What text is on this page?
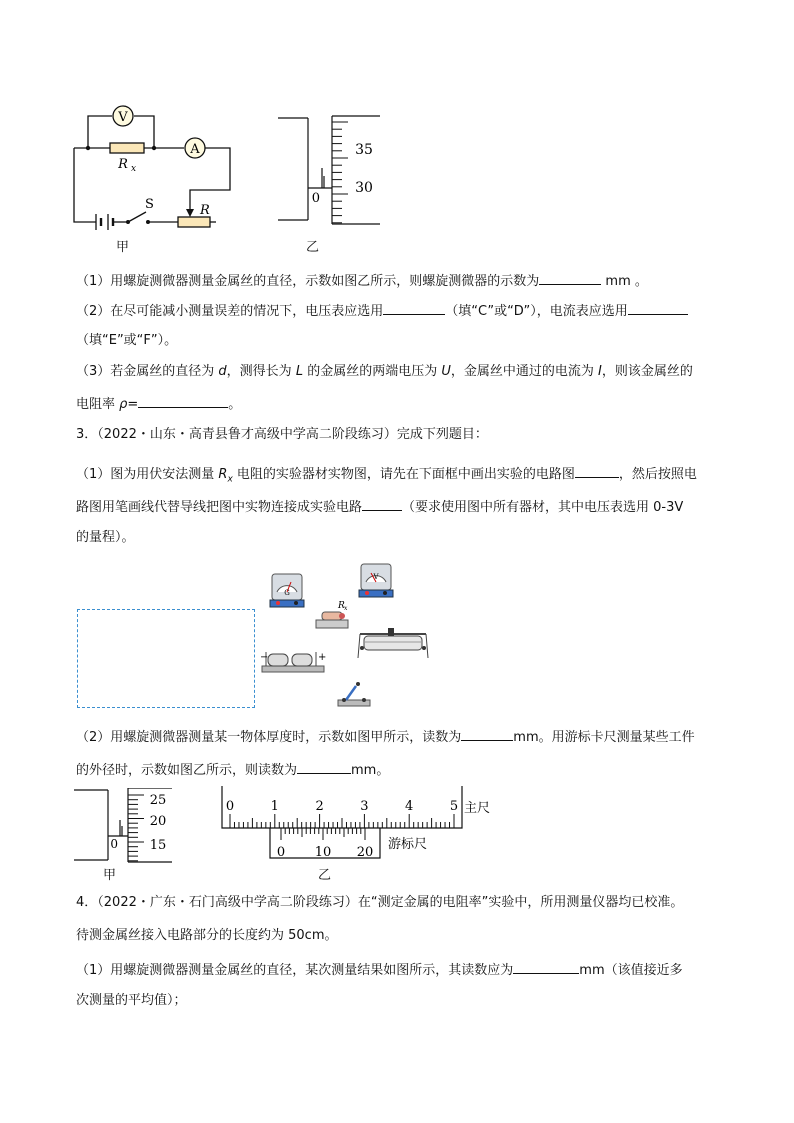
V
A
R x
S	R
甲
35
30
0
乙
（1）用螺旋测微器测量金属丝的直径，示数如图乙所示，则螺旋测微器的示数为	mm 。
（2）在尽可能减小测量误差的情况下，电压表应选用	（填“C”或“D”），电流表应选用
（填“E”或“F”）。
（3）若金属丝的直径为 d，测得长为 L 的金属丝的两端电压为 U，金属丝中通过的电流为 I，则该金属丝的
电阻率 ρ=	。
3．（2022・山东・高青县鲁才高级中学高二阶段练习）完成下列题目：
（1）图为用伏安法测量 $R_x$ 电阻的实验器材实物图，请先在下面框中画出实验的电路图	，然后按照电
路图用笔画线代替导线把图中实物连接成实验电路	（要求使用图中所有器材，其中电压表选用 0-3V
的量程）。
G
V
R x
−	+
（2）用螺旋测微器测量某一物体厚度时，示数如图甲所示，读数为	mm。用游标卡尺测量某些工件
的外径时，示数如图乙所示，则读数为	mm。
25
20
15
0
甲
0	1	2	3	4	5
0 10 20
主尺
游标尺
乙
4．（2022・广东・石门高级中学高二阶段练习）在“测定金属的电阻率”实验中，所用测量仪器均已校准。
待测金属丝接入电路部分的长度约为 50cm。
（1）用螺旋测微器测量金属丝的直径，某次测量结果如图所示，其读数应为	mm（该值接近多
次测量的平均值）；
